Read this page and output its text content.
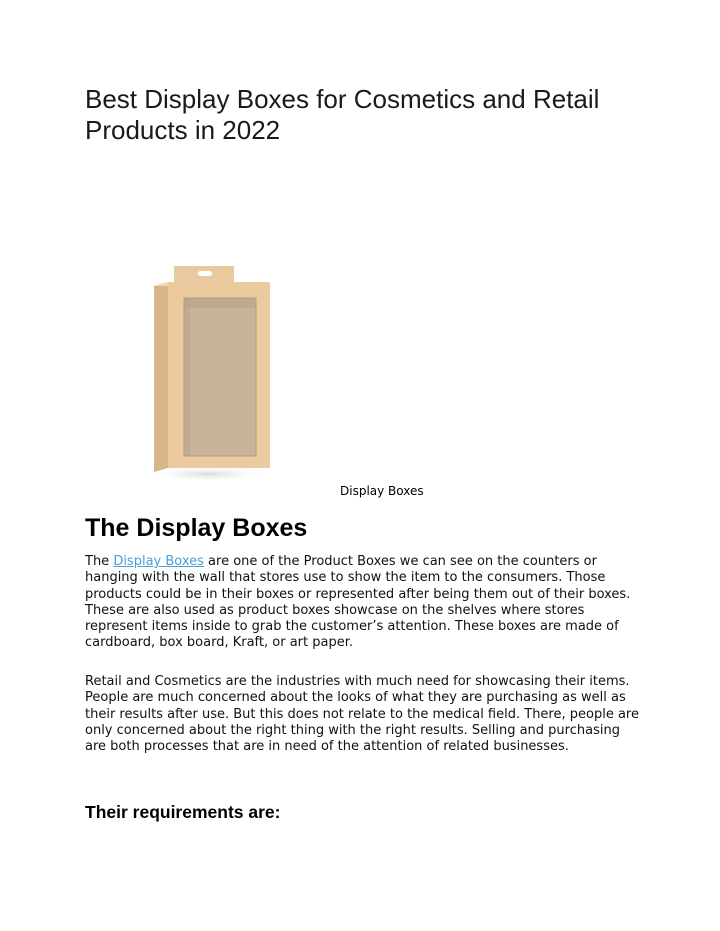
Best Display Boxes for Cosmetics and Retail Products in 2022
Display Boxes
The Display Boxes

The Display Boxes are one of the Product Boxes we can see on the counters or hanging with the wall that stores use to show the item to the consumers. Those products could be in their boxes or represented after being them out of their boxes. These are also used as product boxes showcase on the shelves where stores represent items inside to grab the customer’s attention. These boxes are made of cardboard, box board, Kraft, or art paper.

Retail and Cosmetics are the industries with much need for showcasing their items. People are much concerned about the looks of what they are purchasing as well as their results after use. But this does not relate to the medical field. There, people are only concerned about the right thing with the right results. Selling and purchasing are both processes that are in need of the attention of related businesses.

Their requirements are:
